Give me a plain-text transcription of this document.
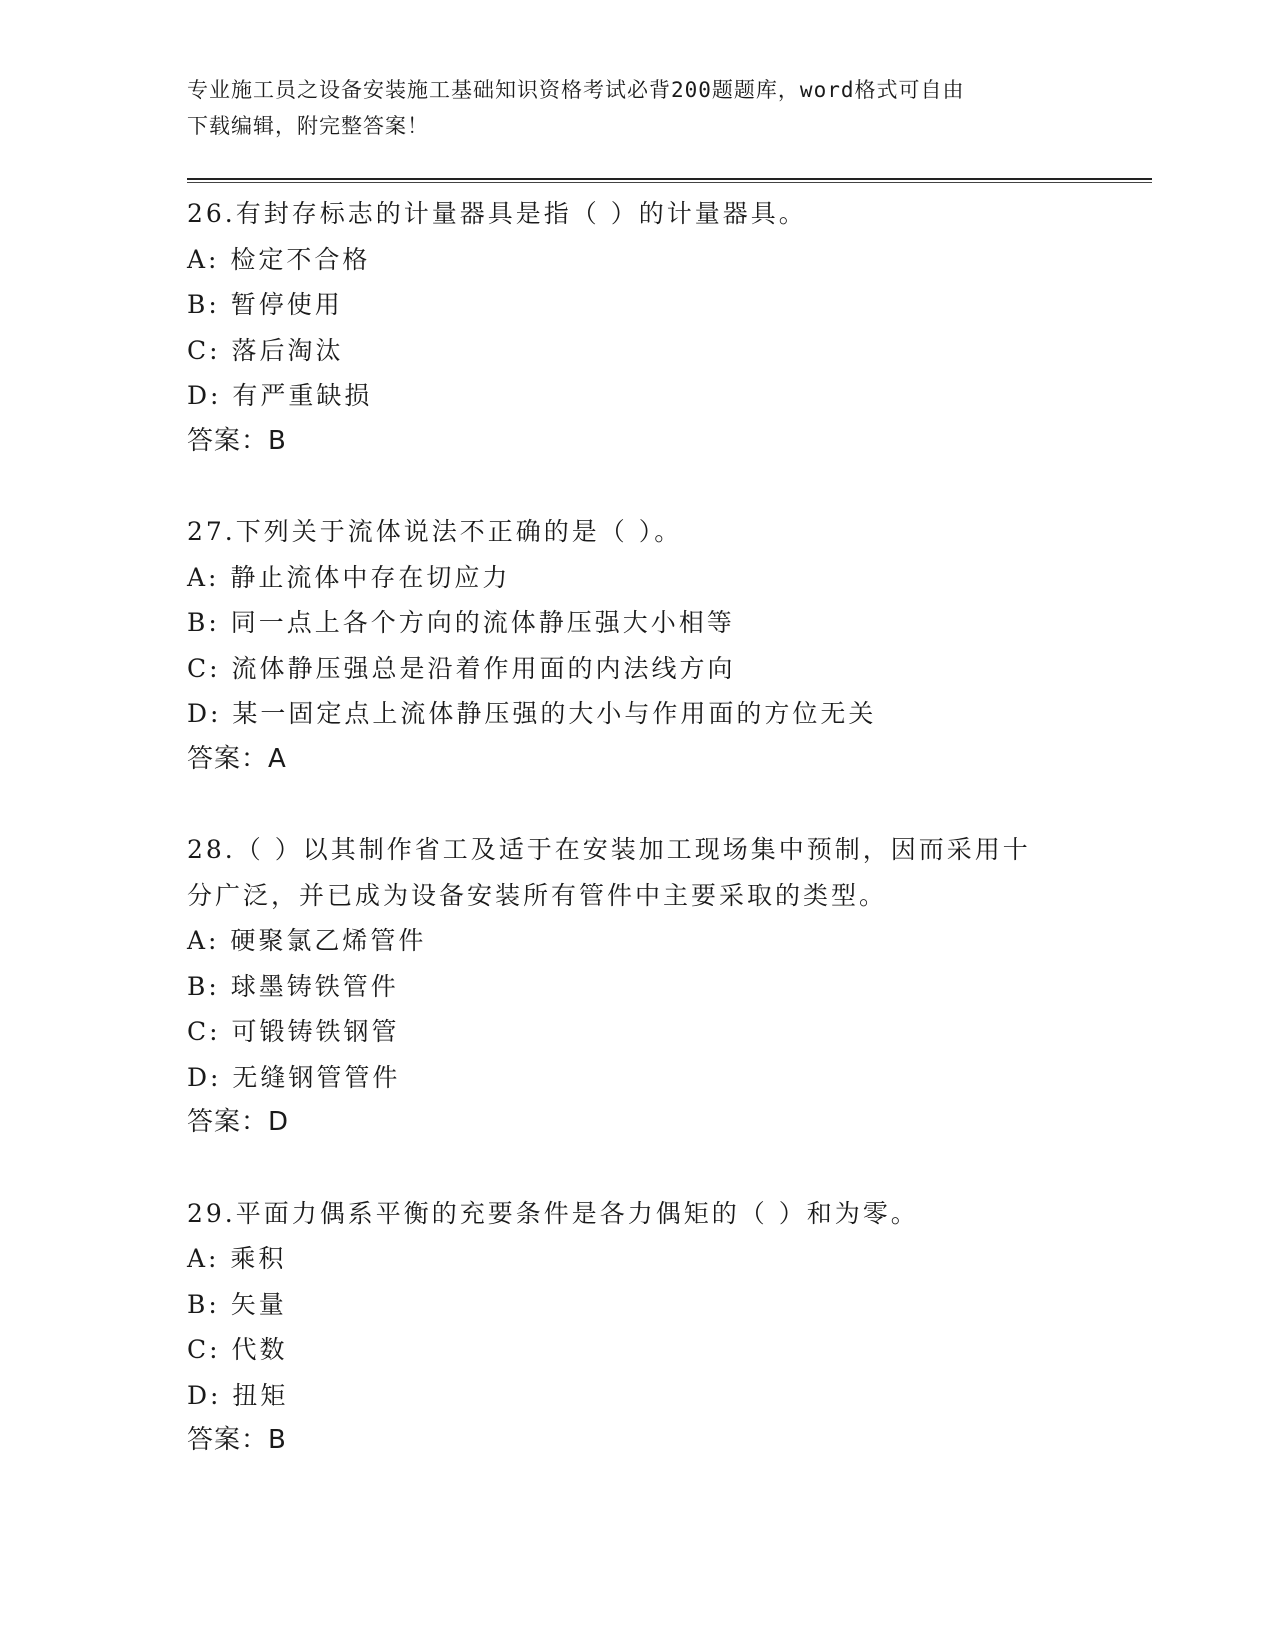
专业施工员之设备安装施工基础知识资格考试必背200题题库，word格式可自由
下载编辑，附完整答案！
26.有封存标志的计量器具是指（ ）的计量器具。
A: 检定不合格
B: 暂停使用
C: 落后淘汰
D: 有严重缺损
答案：B
27.下列关于流体说法不正确的是（ ）。
A: 静止流体中存在切应力
B: 同一点上各个方向的流体静压强大小相等
C: 流体静压强总是沿着作用面的内法线方向
D: 某一固定点上流体静压强的大小与作用面的方位无关
答案：A
28.（ ）以其制作省工及适于在安装加工现场集中预制，因而采用十
分广泛，并已成为设备安装所有管件中主要采取的类型。
A: 硬聚氯乙烯管件
B: 球墨铸铁管件
C: 可锻铸铁钢管
D: 无缝钢管管件
答案：D
29.平面力偶系平衡的充要条件是各力偶矩的（ ）和为零。
A: 乘积
B: 矢量
C: 代数
D: 扭矩
答案：B
